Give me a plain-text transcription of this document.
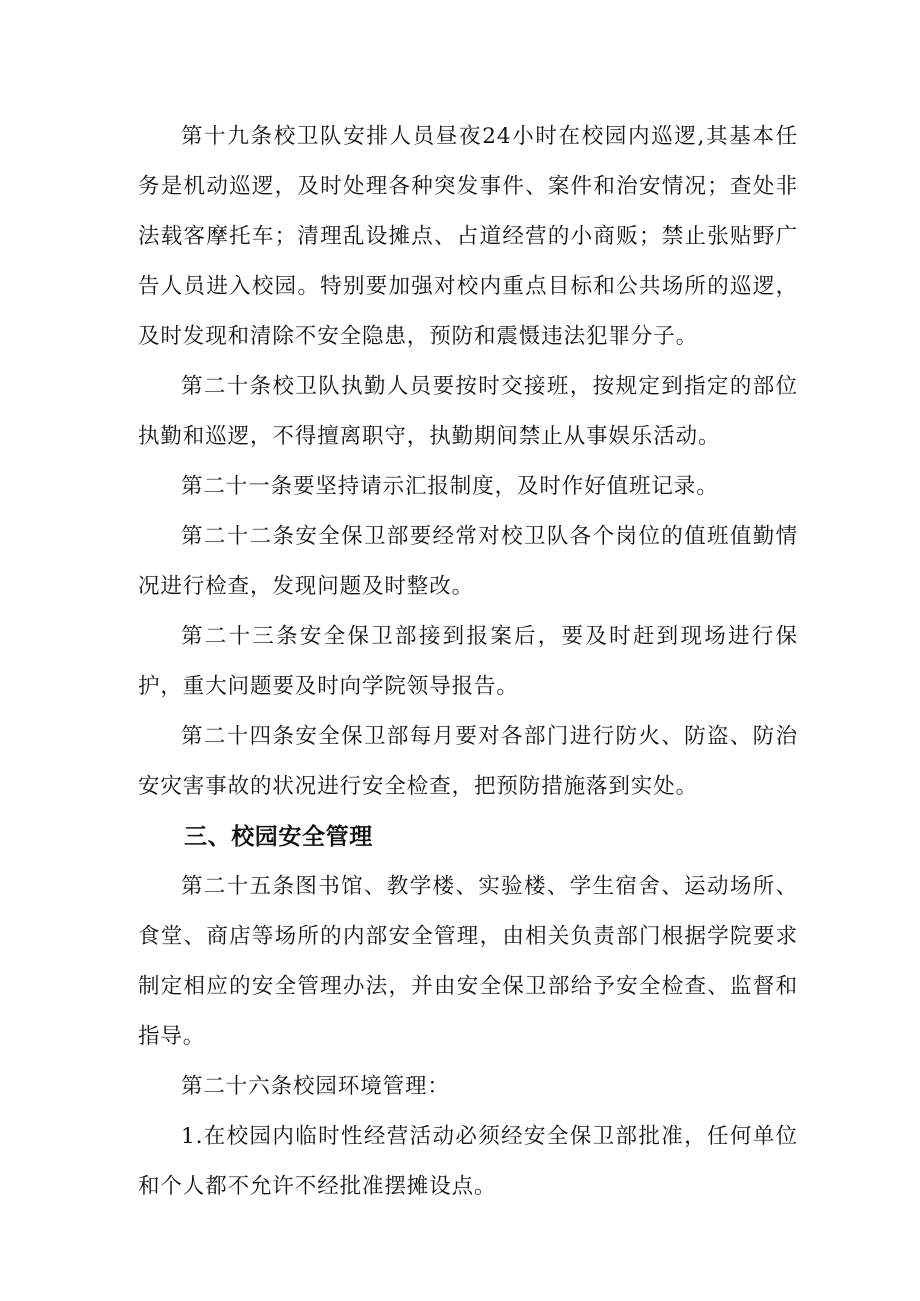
第十九条校卫队安排人员昼夜24小时在校园内巡逻,其基本任务是机动巡逻，及时处理各种突发事件、案件和治安情况；查处非法载客摩托车；清理乱设摊点、占道经营的小商贩；禁止张贴野广告人员进入校园。特别要加强对校内重点目标和公共场所的巡逻，及时发现和清除不安全隐患，预防和震慑违法犯罪分子。

第二十条校卫队执勤人员要按时交接班，按规定到指定的部位执勤和巡逻，不得擅离职守，执勤期间禁止从事娱乐活动。

第二十一条要坚持请示汇报制度，及时作好值班记录。

第二十二条安全保卫部要经常对校卫队各个岗位的值班值勤情况进行检查，发现问题及时整改。

第二十三条安全保卫部接到报案后，要及时赶到现场进行保护，重大问题要及时向学院领导报告。

第二十四条安全保卫部每月要对各部门进行防火、防盗、防治安灾害事故的状况进行安全检查，把预防措施落到实处。

三、校园安全管理

第二十五条图书馆、教学楼、实验楼、学生宿舍、运动场所、食堂、商店等场所的内部安全管理，由相关负责部门根据学院要求制定相应的安全管理办法，并由安全保卫部给予安全检查、监督和指导。

第二十六条校园环境管理：

1.在校园内临时性经营活动必须经安全保卫部批准，任何单位和个人都不允许不经批准摆摊设点。
